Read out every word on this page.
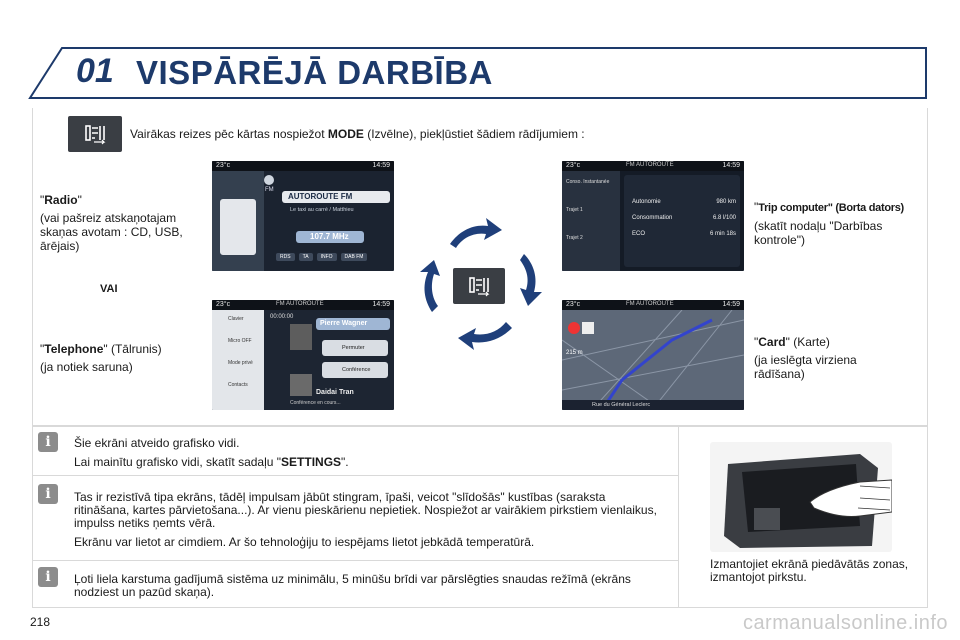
01 VISPĀRĒJĀ DARBĪBA
Vairākas reizes pēc kārtas nospiežot MODE (Izvēlne), piekļūstiet šādiem rādījumiem :

"Radio"

(vai pašreiz atskaņotajam skaņas avotam : CD, USB, ārējais)

VAI

"Telephone" (Tālrunis)

(ja notiek saruna)

"Trip computer" (Borta dators)

(skatīt nodaļu "Darbības kontrole")

"Card" (Karte)

(ja ieslēgta virziena rādīšana)

23°c	14:59
FM
AUTOROUTE FM
Le taxi au carré / Matthieu
107.7 MHz
RDS	TA	INFO	DAB FM
23°c	14:59
FM AUTOROUTE
Conso. Instantanée
Trajet 1
Trajet 2
Autonomie	980 km
Consommation	6.8 l/100
ECO	6 min 18s
23°c	14:59
FM AUTOROUTE
Clavier
Micro OFF
Mode privé
Contacts
00:00:00
Pierre Wagner
Permuter
Conférence
Daidai Tran
Conférence en cours...
23°c	14:59
FM AUTOROUTE
215 m
Rue du Général Leclerc
i	Šie ekrāni atveido grafisko vidi.

Lai mainītu grafisko vidi, skatīt sadaļu "SETTINGS".

i	Tas ir rezistīvā tipa ekrāns, tādēļ impulsam jābūt stingram, īpaši, veicot "slīdošās" kustības (saraksta ritināšana, kartes pārvietošana...). Ar vienu pieskārienu nepietiek. Nospiežot ar vairākiem pirkstiem vienlaikus, impulss netiks ņemts vērā.

Ekrānu var lietot ar cimdiem. Ar šo tehnoloģiju to iespējams lietot jebkādā temperatūrā.

i	Ļoti liela karstuma gadījumā sistēma uz minimālu, 5 minūšu brīdi var pārslēgties snaudas režīmā (ekrāns nodziest un pazūd skaņa).

Izmantojiet ekrānā piedāvātās zonas, izmantojot pirkstu.
218	carmanualsonline.info
